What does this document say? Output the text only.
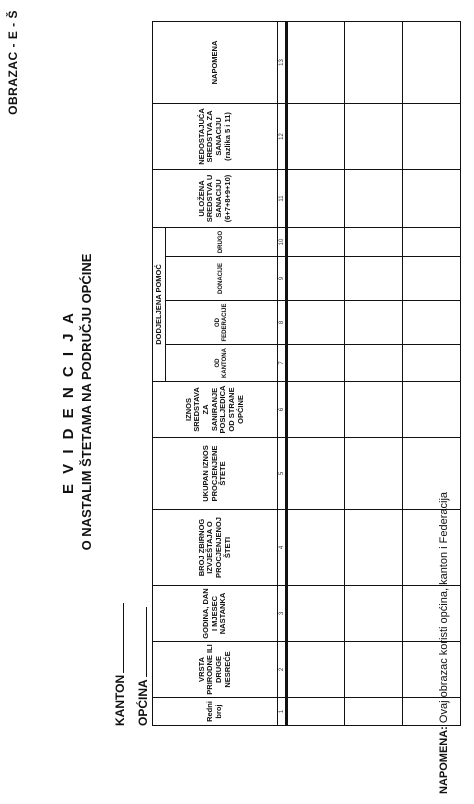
OBRAZAC - E - Š
E V I D E N C I J A O NASTALIM ŠTETAMA NA PODRUČJU OPĆINE
KANTON OPĆINA	Redni broj	VRSTA PRIRODNE ILI DRUGE NESREĆE	GODINA, DAN I MJESEC NASTANKA	BROJ ZBIRNOG IZVJEŠTAJA O PROCJENJENOJ ŠTETI	UKUPAN IZNOS PROCJENJENE ŠTETE	IZNOS SREDSTAVA ZA SANIRANJE POSLJEDICA OD STRANE OPĆINE	DODJELJENA POMOĆ				ULOŽENA SREDSTVA U SANACIJU (6+7+8+9+10)	NEDOSTAJUĆA SREDSTVA ZA SANACIJU (razlika 5 i 11)	NAPOMENA
						OD KANTONA	OD FEDERACIJE	DONACIJE	DRUGO			
1	2	3	4	5	6	7	8	9	10	11	12	13

NAPOMENA: Ovaj obrazac koristi općina, kanton i Federacija
